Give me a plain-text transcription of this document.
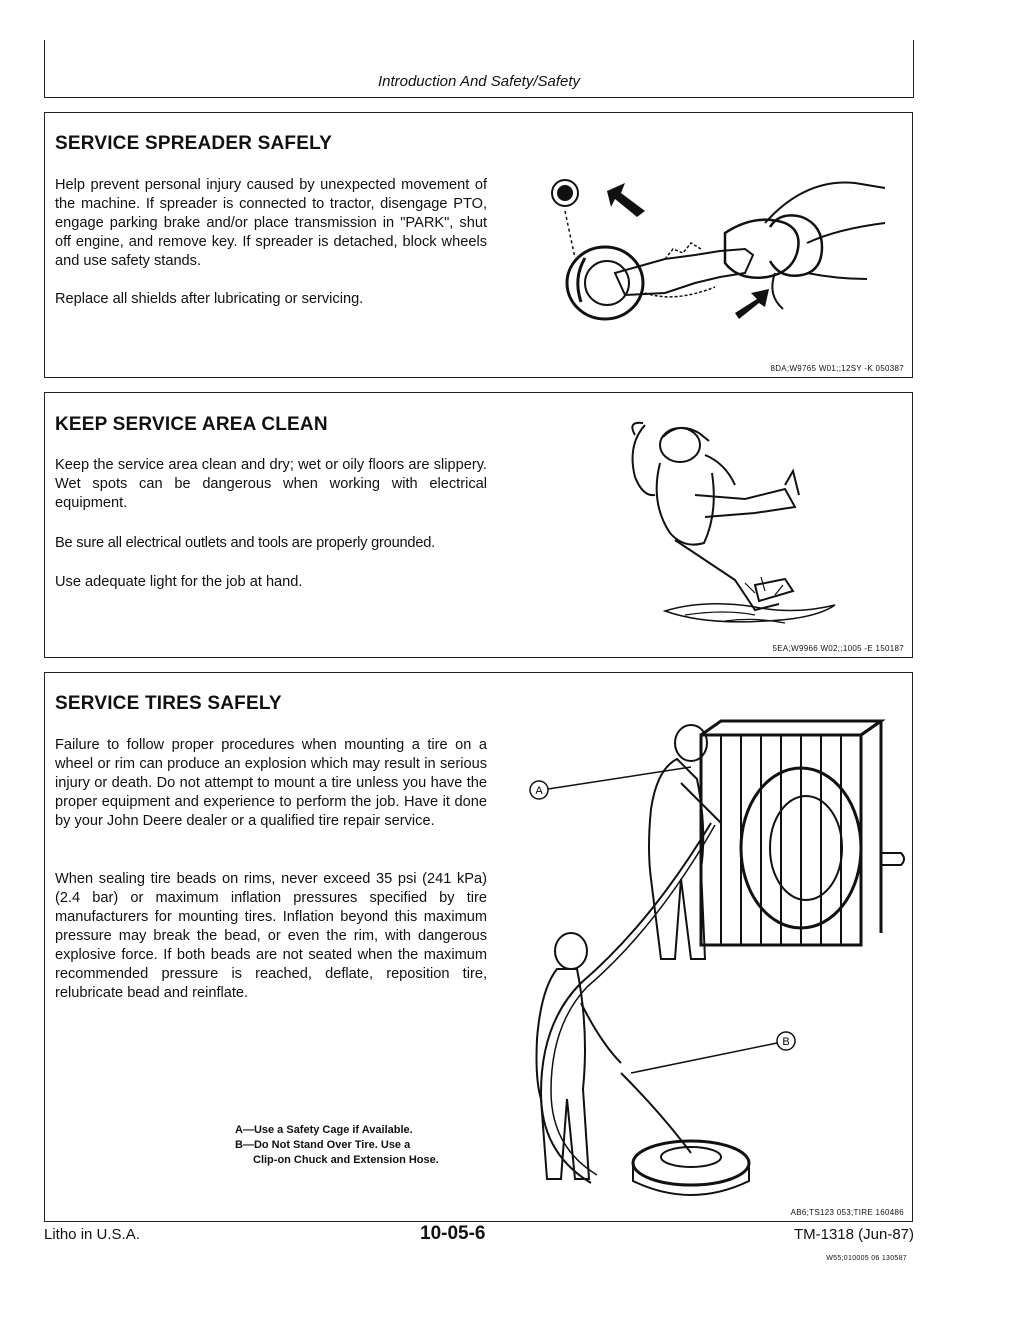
Introduction And Safety/Safety
SERVICE SPREADER SAFELY
Help prevent personal injury caused by unexpected movement of the machine. If spreader is connected to tractor, disengage PTO, engage parking brake and/or place transmission in "PARK", shut off engine, and remove key. If spreader is detached, block wheels and use safety stands.
Replace all shields after lubricating or servicing.
8DA;W9765 W01;;12SY -K 050387
KEEP SERVICE AREA CLEAN
Keep the service area clean and dry; wet or oily floors are slippery. Wet spots can be dangerous when working with electrical equipment.
Be sure all electrical outlets and tools are properly grounded.
Use adequate light for the job at hand.
5EA;W9966 W02;;1005 -E 150187
SERVICE TIRES SAFELY
Failure to follow proper procedures when mounting a tire on a wheel or rim can produce an explosion which may result in serious injury or death. Do not attempt to mount a tire unless you have the proper equipment and experience to perform the job. Have it done by your John Deere dealer or a qualified tire repair service.
When sealing tire beads on rims, never exceed 35 psi (241 kPa) (2.4 bar) or maximum inflation pressures specified by tire manufacturers for mounting tires. Inflation beyond this maximum pressure may break the bead, or even the rim, with dangerous explosive force. If both beads are not seated when the maximum recommended pressure is reached, deflate, reposition tire, relubricate bead and reinflate.
A—Use a Safety Cage if Available.
B—Do Not Stand Over Tire. Use a
Clip-on Chuck and Extension Hose.
A
B
AB6;TS123 053;TIRE 160486
Litho in U.S.A.	10-05-6	TM-1318 (Jun-87)
W55;010005 06 130587
